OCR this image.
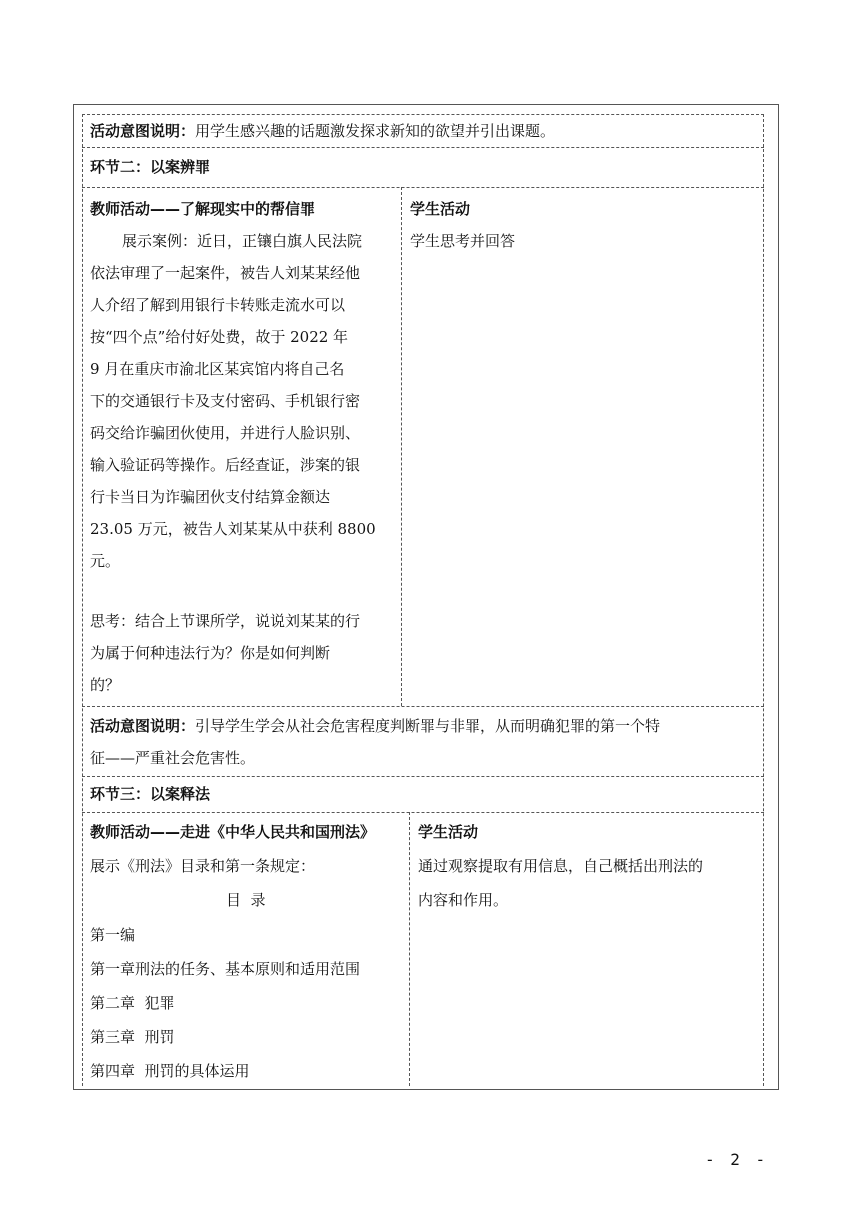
活动意图说明：用学生感兴趣的话题激发探求新知的欲望并引出课题。
环节二：以案辨罪
教师活动——了解现实中的帮信罪
展示案例：近日，正镶白旗人民法院
依法审理了一起案件，被告人刘某某经他
人介绍了解到用银行卡转账走流水可以
按“四个点”给付好处费，故于 2022 年
9 月在重庆市渝北区某宾馆内将自己名
下的交通银行卡及支付密码、手机银行密
码交给诈骗团伙使用，并进行人脸识别、
输入验证码等操作。后经查证，涉案的银
行卡当日为诈骗团伙支付结算金额达
23.05 万元，被告人刘某某从中获利 8800
元。
思考：结合上节课所学，说说刘某某的行
为属于何种违法行为？你是如何判断
的？
学生活动
学生思考并回答
活动意图说明：引导学生学会从社会危害程度判断罪与非罪，从而明确犯罪的第一个特
征——严重社会危害性。
环节三：以案释法
教师活动——走进《中华人民共和国刑法》
展示《刑法》目录和第一条规定：
目  录
第一编
第一章刑法的任务、基本原则和适用范围
第二章  犯罪
第三章  刑罚
第四章  刑罚的具体运用
学生活动
通过观察提取有用信息，自己概括出刑法的
内容和作用。
- 2 -
